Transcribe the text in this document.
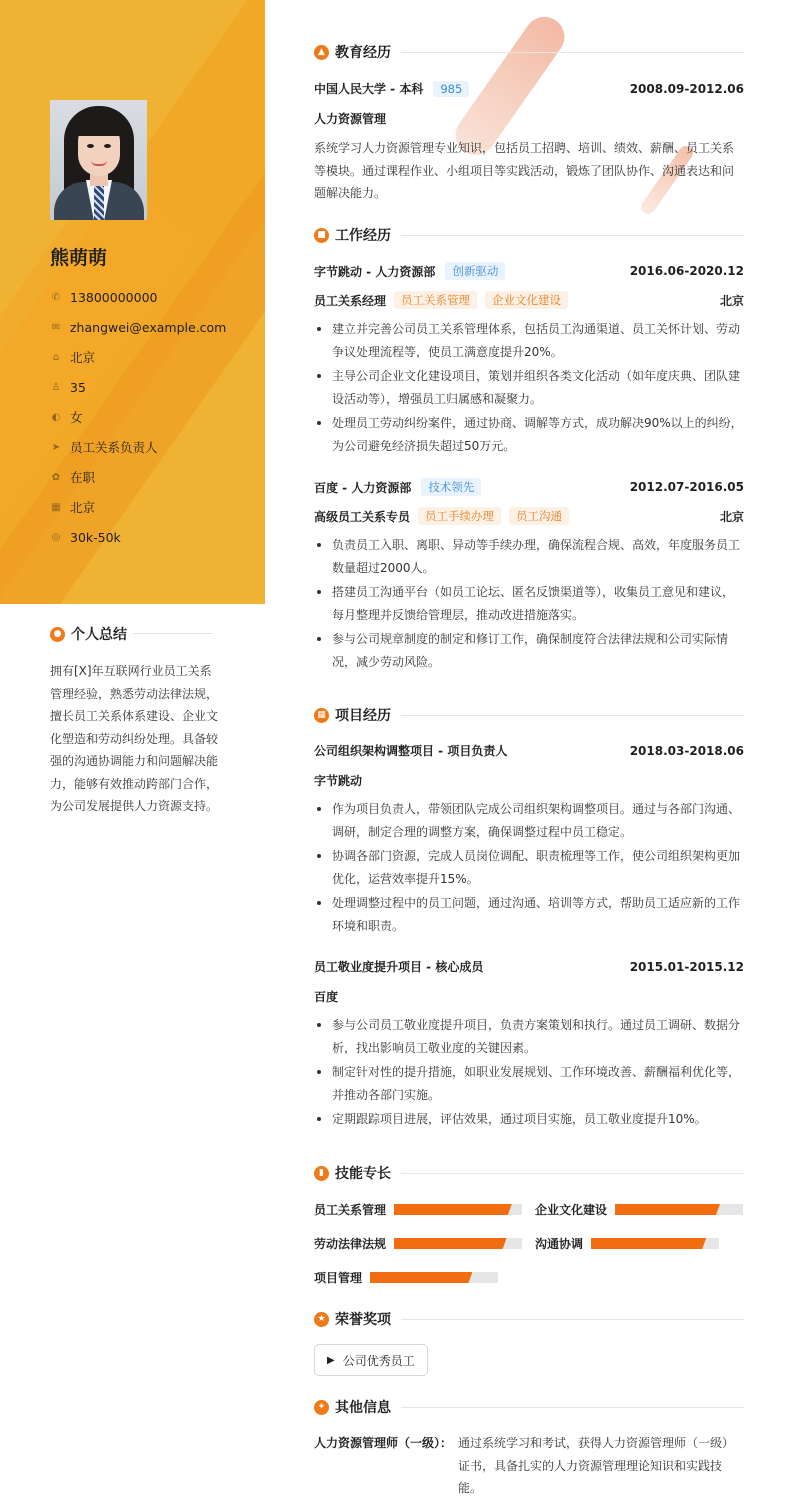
熊萌萌
✆ 13800000000
✉ zhangwei@example.com
⌂ 北京
♙ 35
◐ 女
➤ 员工关系负责人
✿ 在职
▦ 北京
◎ 30k-50k
● 个人总结
拥有[X]年互联网行业员工关系管理经验，熟悉劳动法律法规，擅长员工关系体系建设、企业文化塑造和劳动纠纷处理。具备较强的沟通协调能力和问题解决能力，能够有效推动跨部门合作，为公司发展提供人力资源支持。
▲ 教育经历
中国人民大学 - 本科	985	2008.09-2012.06
人力资源管理
系统学习人力资源管理专业知识，包括员工招聘、培训、绩效、薪酬、员工关系等模块。通过课程作业、小组项目等实践活动，锻炼了团队协作、沟通表达和问题解决能力。
■ 工作经历
字节跳动 - 人力资源部	创新驱动	2016.06-2020.12
员工关系经理	员工关系管理	企业文化建设	北京
建立并完善公司员工关系管理体系，包括员工沟通渠道、员工关怀计划、劳动争议处理流程等，使员工满意度提升20%。
主导公司企业文化建设项目，策划并组织各类文化活动（如年度庆典、团队建设活动等），增强员工归属感和凝聚力。
处理员工劳动纠纷案件，通过协商、调解等方式，成功解决90%以上的纠纷，为公司避免经济损失超过50万元。
百度 - 人力资源部	技术领先	2012.07-2016.05
高级员工关系专员	员工手续办理	员工沟通	北京
负责员工入职、离职、异动等手续办理，确保流程合规、高效，年度服务员工数量超过2000人。
搭建员工沟通平台（如员工论坛、匿名反馈渠道等），收集员工意见和建议，每月整理并反馈给管理层，推动改进措施落实。
参与公司规章制度的制定和修订工作，确保制度符合法律法规和公司实际情况，减少劳动风险。
▦ 项目经历
公司组织架构调整项目 - 项目负责人	2018.03-2018.06
字节跳动
作为项目负责人，带领团队完成公司组织架构调整项目。通过与各部门沟通、调研，制定合理的调整方案，确保调整过程中员工稳定。
协调各部门资源，完成人员岗位调配、职责梳理等工作，使公司组织架构更加优化，运营效率提升15%。
处理调整过程中的员工问题，通过沟通、培训等方式，帮助员工适应新的工作环境和职责。
员工敬业度提升项目 - 核心成员	2015.01-2015.12
百度
参与公司员工敬业度提升项目，负责方案策划和执行。通过员工调研、数据分析，找出影响员工敬业度的关键因素。
制定针对性的提升措施，如职业发展规划、工作环境改善、薪酬福利优化等，并推动各部门实施。
定期跟踪项目进展，评估效果，通过项目实施，员工敬业度提升10%。
▮ 技能专长
员工关系管理	企业文化建设
劳动法律法规	沟通协调
项目管理
★ 荣誉奖项
▶ 公司优秀员工
✦ 其他信息
人力资源管理师（一级）： 通过系统学习和考试，获得人力资源管理师（一级）证书，具备扎实的人力资源管理理论知识和实践技能。
